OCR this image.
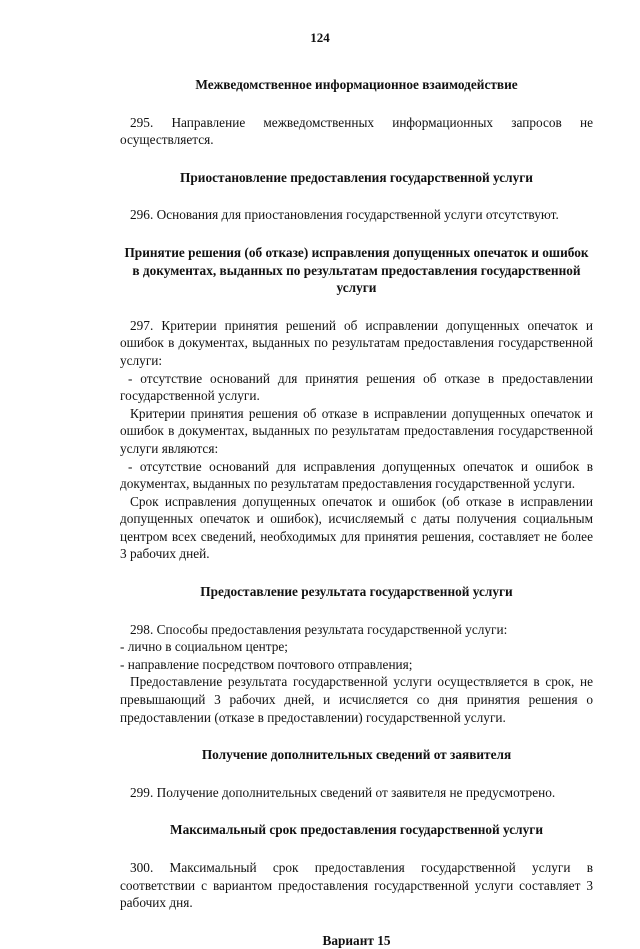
124
Межведомственное информационное взаимодействие

295. Направление межведомственных информационных запросов не осуществляется.

Приостановление предоставления государственной услуги

296. Основания для приостановления государственной услуги отсутствуют.

Принятие решения (об отказе) исправления допущенных опечаток и ошибок в документах, выданных по результатам предоставления государственной услуги

297. Критерии принятия решений об исправлении допущенных опечаток и ошибок в документах, выданных по результатам предоставления государственной услуги:

- отсутствие оснований для принятия решения об отказе в предоставлении государственной услуги.

Критерии принятия решения об отказе в исправлении допущенных опечаток и ошибок в документах, выданных по результатам предоставления государственной услуги являются:

- отсутствие оснований для исправления допущенных опечаток и ошибок в документах, выданных по результатам предоставления государственной услуги.

Срок исправления допущенных опечаток и ошибок (об отказе в исправлении допущенных опечаток и ошибок), исчисляемый с даты получения социальным центром всех сведений, необходимых для принятия решения, составляет не более 3 рабочих дней.

Предоставление результата государственной услуги

298. Способы предоставления результата государственной услуги:

- лично в социальном центре;

- направление посредством почтового отправления;

Предоставление результата государственной услуги осуществляется в срок, не превышающий 3 рабочих дней, и исчисляется со дня принятия решения о предоставлении (отказе в предоставлении) государственной услуги.

Получение дополнительных сведений от заявителя

299. Получение дополнительных сведений от заявителя не предусмотрено.

Максимальный срок предоставления государственной услуги

300. Максимальный срок предоставления государственной услуги в соответствии с вариантом предоставления государственной услуги составляет 3 рабочих дня.

Вариант 15
